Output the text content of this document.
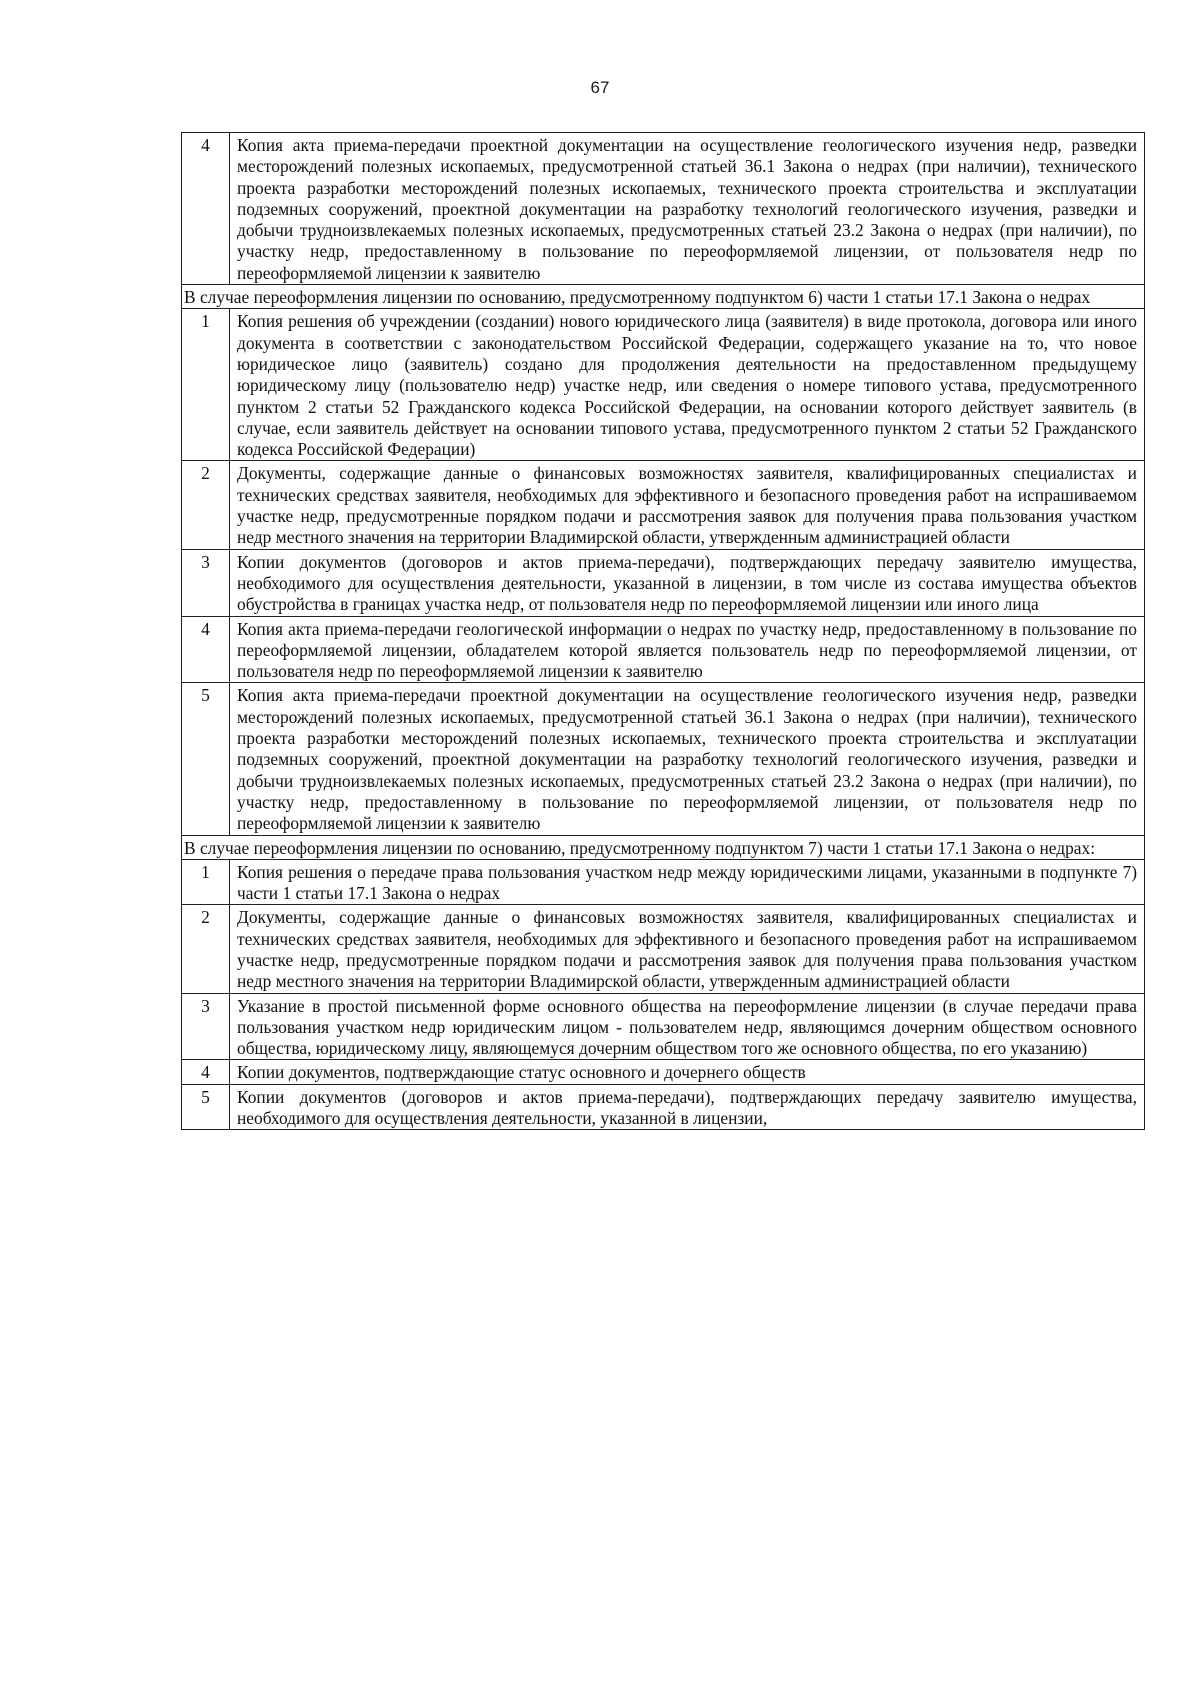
67
4	Копия акта приема-передачи проектной документации на осуществление геологического изучения недр, разведки месторождений полезных ископаемых, предусмотренной статьей 36.1 Закона о недрах (при наличии), технического проекта разработки месторождений полезных ископаемых, технического проекта строительства и эксплуатации подземных сооружений, проектной документации на разработку технологий геологического изучения, разведки и добычи трудноизвлекаемых полезных ископаемых, предусмотренных статьей 23.2 Закона о недрах (при наличии), по участку недр, предоставленному в пользование по переоформляемой лицензии, от пользователя недр по переоформляемой лицензии к заявителю
В случае переоформления лицензии по основанию, предусмотренному подпунктом 6) части 1 статьи 17.1 Закона о недрах	
1	Копия решения об учреждении (создании) нового юридического лица (заявителя) в виде протокола, договора или иного документа в соответствии с законодательством Российской Федерации, содержащего указание на то, что новое юридическое лицо (заявитель) создано для продолжения деятельности на предоставленном предыдущему юридическому лицу (пользователю недр) участке недр, или сведения о номере типового устава, предусмотренного пунктом 2 статьи 52 Гражданского кодекса Российской Федерации, на основании которого действует заявитель (в случае, если заявитель действует на основании типового устава, предусмотренного пунктом 2 статьи 52 Гражданского кодекса Российской Федерации)
2	Документы, содержащие данные о финансовых возможностях заявителя, квалифицированных специалистах и технических средствах заявителя, необходимых для эффективного и безопасного проведения работ на испрашиваемом участке недр, предусмотренные порядком подачи и рассмотрения заявок для получения права пользования участком недр местного значения на территории Владимирской области, утвержденным администрацией области
3	Копии документов (договоров и актов приема-передачи), подтверждающих передачу заявителю имущества, необходимого для осуществления деятельности, указанной в лицензии, в том числе из состава имущества объектов обустройства в границах участка недр, от пользователя недр по переоформляемой лицензии или иного лица
4	Копия акта приема-передачи геологической информации о недрах по участку недр, предоставленному в пользование по переоформляемой лицензии, обладателем которой является пользователь недр по переоформляемой лицензии, от пользователя недр по переоформляемой лицензии к заявителю
5	Копия акта приема-передачи проектной документации на осуществление геологического изучения недр, разведки месторождений полезных ископаемых, предусмотренной статьей 36.1 Закона о недрах (при наличии), технического проекта разработки месторождений полезных ископаемых, технического проекта строительства и эксплуатации подземных сооружений, проектной документации на разработку технологий геологического изучения, разведки и добычи трудноизвлекаемых полезных ископаемых, предусмотренных статьей 23.2 Закона о недрах (при наличии), по участку недр, предоставленному в пользование по переоформляемой лицензии, от пользователя недр по переоформляемой лицензии к заявителю
В случае переоформления лицензии по основанию, предусмотренному подпунктом 7) части 1 статьи 17.1 Закона о недрах:	
1	Копия решения о передаче права пользования участком недр между юридическими лицами, указанными в подпункте 7) части 1 статьи 17.1 Закона о недрах
2	Документы, содержащие данные о финансовых возможностях заявителя, квалифицированных специалистах и технических средствах заявителя, необходимых для эффективного и безопасного проведения работ на испрашиваемом участке недр, предусмотренные порядком подачи и рассмотрения заявок для получения права пользования участком недр местного значения на территории Владимирской области, утвержденным администрацией области
3	Указание в простой письменной форме основного общества на переоформление лицензии (в случае передачи права пользования участком недр юридическим лицом - пользователем недр, являющимся дочерним обществом основного общества, юридическому лицу, являющемуся дочерним обществом того же основного общества, по его указанию)
4	Копии документов, подтверждающие статус основного и дочернего обществ
5	Копии документов (договоров и актов приема-передачи), подтверждающих передачу заявителю имущества, необходимого для осуществления деятельности, указанной в лицензии,
